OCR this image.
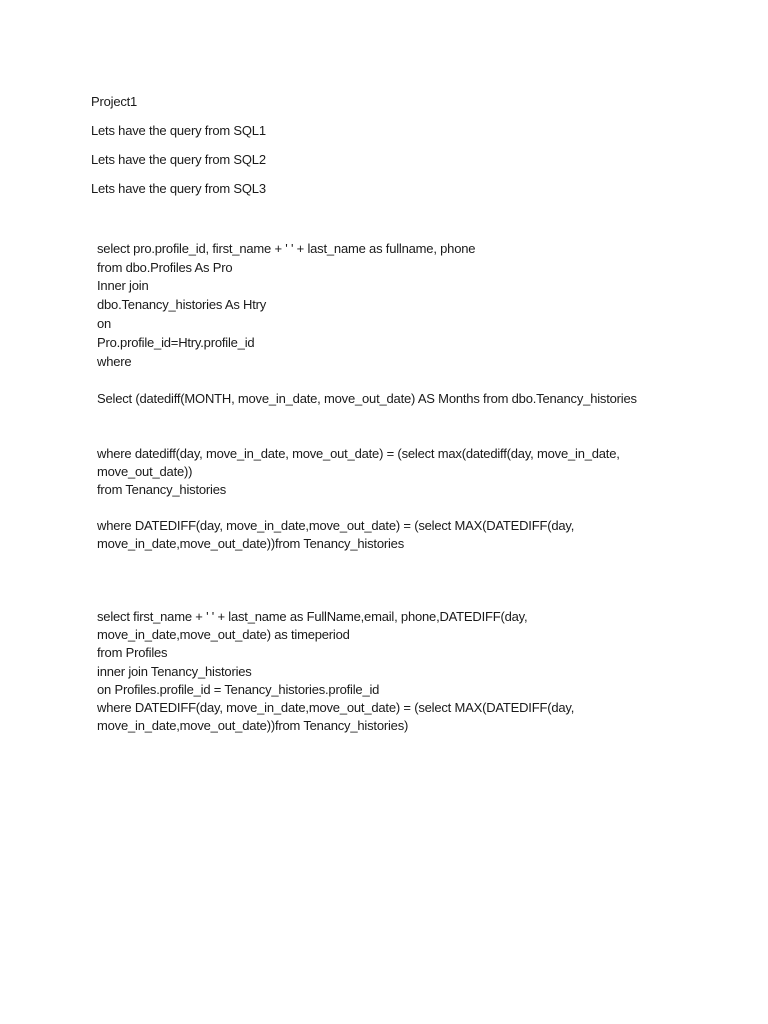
Project1
Lets have the query from SQL1
Lets have the query from SQL2
Lets have the query from SQL3
select pro.profile_id, first_name + ' ' + last_name as fullname, phone
from dbo.Profiles As Pro
Inner join
dbo.Tenancy_histories As Htry
on
Pro.profile_id=Htry.profile_id
where
Select (datediff(MONTH, move_in_date, move_out_date) AS Months from dbo.Tenancy_histories
where datediff(day, move_in_date, move_out_date) = (select max(datediff(day, move_in_date,
move_out_date))
from Tenancy_histories
where DATEDIFF(day, move_in_date,move_out_date) = (select MAX(DATEDIFF(day,
move_in_date,move_out_date))from Tenancy_histories
select first_name + ' ' + last_name as FullName,email, phone,DATEDIFF(day,
move_in_date,move_out_date) as timeperiod
from Profiles
inner join Tenancy_histories
on Profiles.profile_id = Tenancy_histories.profile_id
where DATEDIFF(day, move_in_date,move_out_date) = (select MAX(DATEDIFF(day,
move_in_date,move_out_date))from Tenancy_histories)
